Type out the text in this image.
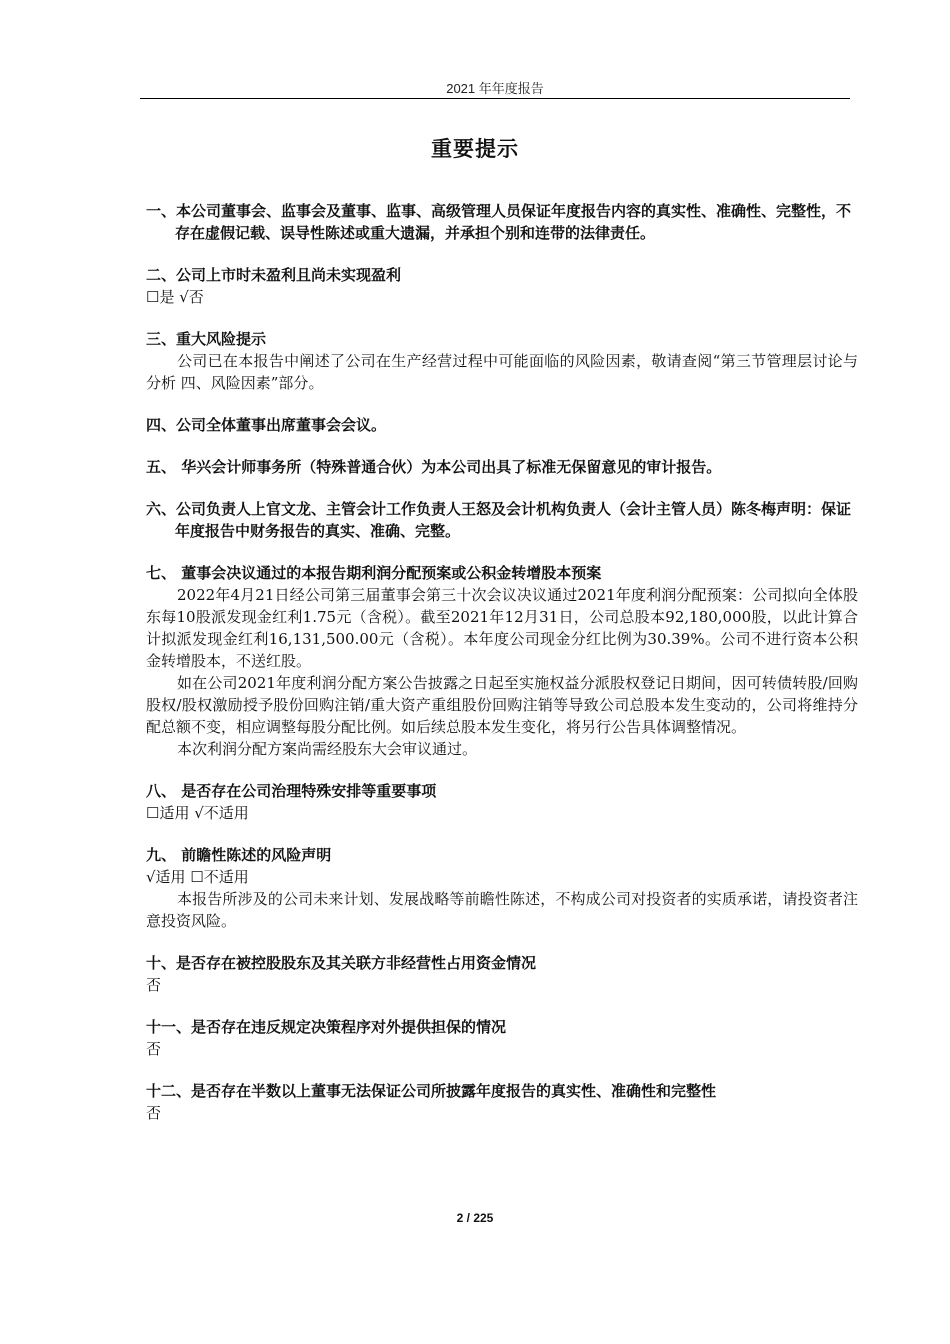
2021 年年度报告
重要提示

一、本公司董事会、监事会及董事、监事、高级管理人员保证年度报告内容的真实性、准确性、完整性，不存在虚假记载、误导性陈述或重大遗漏，并承担个别和连带的法律责任。

二、公司上市时未盈利且尚未实现盈利

☐是 √否

三、重大风险提示

公司已在本报告中阐述了公司在生产经营过程中可能面临的风险因素，敬请查阅“第三节管理层讨论与分析 四、风险因素”部分。

四、公司全体董事出席董事会会议。

五、 华兴会计师事务所（特殊普通合伙）为本公司出具了标准无保留意见的审计报告。

六、公司负责人上官文龙、主管会计工作负责人王怒及会计机构负责人（会计主管人员）陈冬梅声明：保证年度报告中财务报告的真实、准确、完整。

七、 董事会决议通过的本报告期利润分配预案或公积金转增股本预案

2022年4月21日经公司第三届董事会第三十次会议决议通过2021年度利润分配预案：公司拟向全体股东每10股派发现金红利1.75元（含税）。截至2021年12月31日，公司总股本92,180,000股，以此计算合计拟派发现金红利16,131,500.00元（含税）。本年度公司现金分红比例为30.39%。公司不进行资本公积金转增股本，不送红股。

如在公司2021年度利润分配方案公告披露之日起至实施权益分派股权登记日期间，因可转债转股/回购股权/股权激励授予股份回购注销/重大资产重组股份回购注销等导致公司总股本发生变动的，公司将维持分配总额不变，相应调整每股分配比例。如后续总股本发生变化，将另行公告具体调整情况。

本次利润分配方案尚需经股东大会审议通过。

八、 是否存在公司治理特殊安排等重要事项

☐适用 √不适用

九、 前瞻性陈述的风险声明

√适用 ☐不适用

本报告所涉及的公司未来计划、发展战略等前瞻性陈述，不构成公司对投资者的实质承诺，请投资者注意投资风险。

十、是否存在被控股股东及其关联方非经营性占用资金情况

否

十一、是否存在违反规定决策程序对外提供担保的情况

否

十二、是否存在半数以上董事无法保证公司所披露年度报告的真实性、准确性和完整性

否

2 / 225
